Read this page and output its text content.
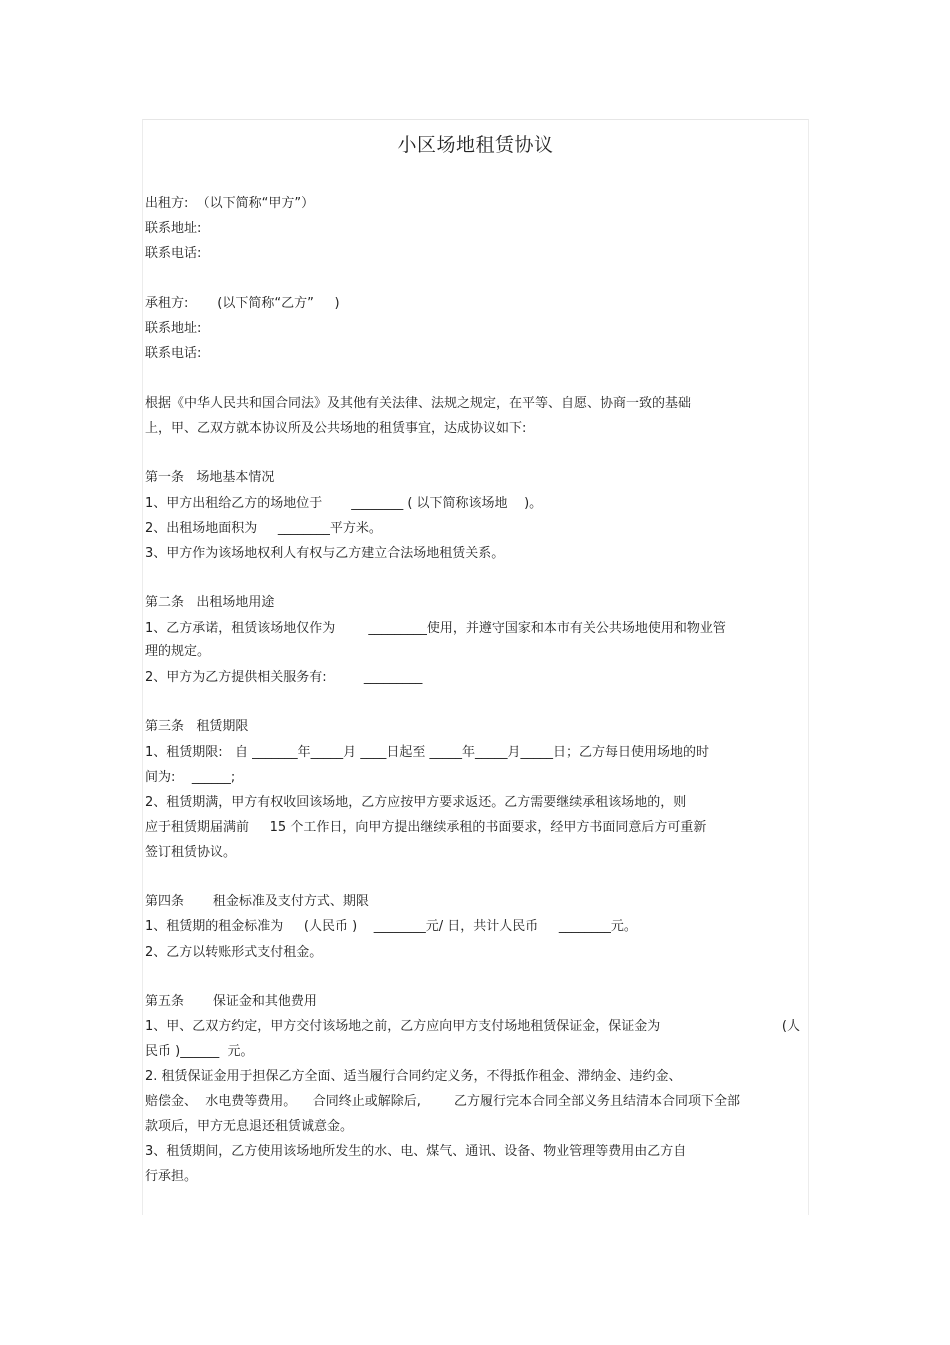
小区场地租赁协议
出租方:  （以下简称“甲方”）
联系地址:
联系电话:
承租方:       (以下简称“乙方”     )
联系地址:
联系电话:
根据《中华人民共和国合同法》及其他有关法律、法规之规定，在平等、自愿、协商一致的基础
上，甲、乙双方就本协议所及公共场地的租赁事宜，达成协议如下:
第一条   场地基本情况
1、甲方出租给乙方的场地位于       ________ ( 以下简称该场地    )。
2、出租场地面积为     ________平方米。
3、甲方作为该场地权利人有权与乙方建立合法场地租赁关系。
第二条   出租场地用途
1、乙方承诺，租赁该场地仅作为        _________使用，并遵守国家和本市有关公共场地使用和物业管
理的规定。
2、甲方为乙方提供相关服务有:         _________
第三条   租赁期限
1、租赁期限:   自 _______年_____月 ____日起至 _____年_____月_____日；乙方每日使用场地的时
间为:    ______;
2、租赁期满，甲方有权收回该场地，乙方应按甲方要求返还。乙方需要继续承租该场地的，则
应于租赁期届满前     15 个工作日，向甲方提出继续承租的书面要求，经甲方书面同意后方可重新
签订租赁协议。
第四条       租金标准及支付方式、期限
1、租赁期的租金标准为     (人民币 )    ________元/ 日，共计人民币     ________元。
2、乙方以转账形式支付租金。
第五条       保证金和其他费用
1、甲、乙双方约定，甲方交付该场地之前，乙方应向甲方支付场地租赁保证金，保证金为	(人
民币 )______  元。
2. 租赁保证金用于担保乙方全面、适当履行合同约定义务，不得抵作租金、滞纳金、违约金、
赔偿金、  水电费等费用。    合同终止或解除后,        乙方履行完本合同全部义务且结清本合同项下全部
款项后，甲方无息退还租赁诚意金。
3、租赁期间，乙方使用该场地所发生的水、电、煤气、通讯、设备、物业管理等费用由乙方自
行承担。
